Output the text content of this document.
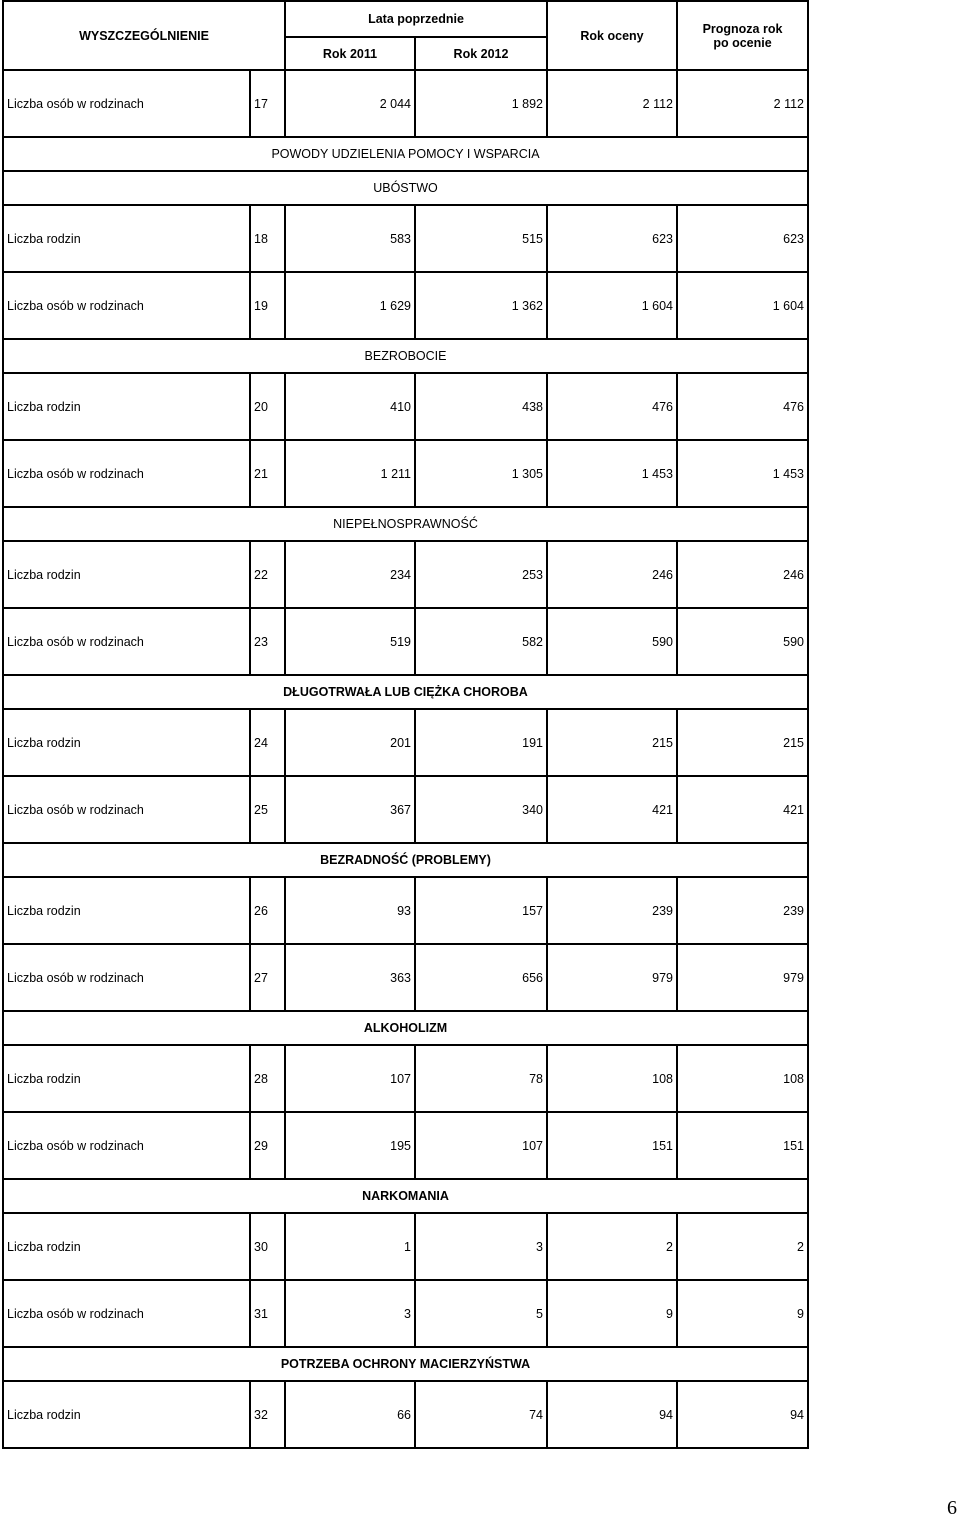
WYSZCZEGÓLNIENIE		Lata poprzednie		Rok oceny	Prognoza rok
po ocenie
		Rok 2011	Rok 2012		
Liczba osób w rodzinach	17	2 044	1 892	2 112	2 112
POWODY UDZIELENIA POMOCY I WSPARCIA					
UBÓSTWO					
Liczba rodzin	18	583	515	623	623
Liczba osób w rodzinach	19	1 629	1 362	1 604	1 604
BEZROBOCIE					
Liczba rodzin	20	410	438	476	476
Liczba osób w rodzinach	21	1 211	1 305	1 453	1 453
NIEPEŁNOSPRAWNOŚĆ					
Liczba rodzin	22	234	253	246	246
Liczba osób w rodzinach	23	519	582	590	590
DŁUGOTRWAŁA LUB CIĘŻKA CHOROBA					
Liczba rodzin	24	201	191	215	215
Liczba osób w rodzinach	25	367	340	421	421
BEZRADNOŚĆ (PROBLEMY)					
Liczba rodzin	26	93	157	239	239
Liczba osób w rodzinach	27	363	656	979	979
ALKOHOLIZM					
Liczba rodzin	28	107	78	108	108
Liczba osób w rodzinach	29	195	107	151	151
NARKOMANIA					
Liczba rodzin	30	1	3	2	2
Liczba osób w rodzinach	31	3	5	9	9
POTRZEBA OCHRONY MACIERZYŃSTWA					
Liczba rodzin	32	66	74	94	94
6
